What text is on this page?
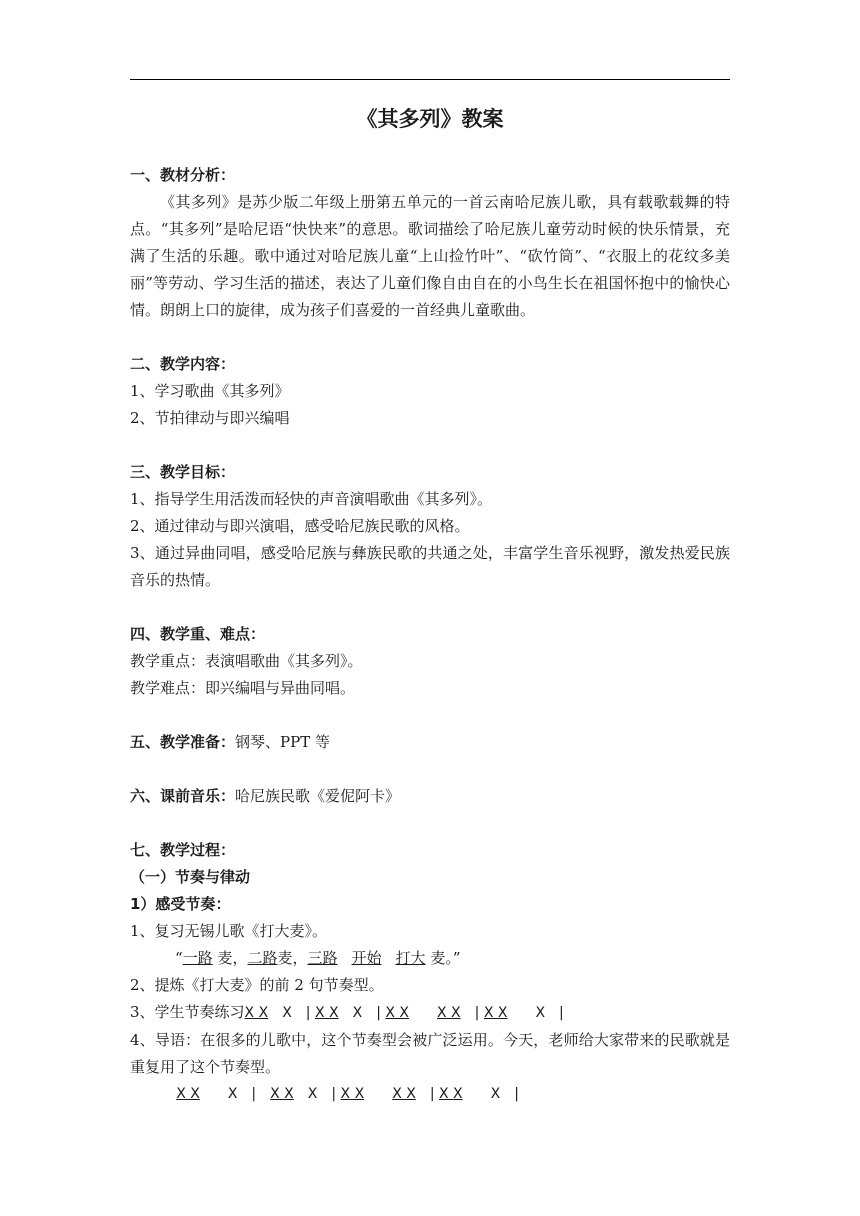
《其多列》教案
一、教材分析：
《其多列》是苏少版二年级上册第五单元的一首云南哈尼族儿歌，具有载歌载舞的特点。“其多列”是哈尼语“快快来”的意思。歌词描绘了哈尼族儿童劳动时候的快乐情景，充满了生活的乐趣。歌中通过对哈尼族儿童“上山捡竹叶”、“砍竹筒”、“衣服上的花纹多美丽”等劳动、学习生活的描述，表达了儿童们像自由自在的小鸟生长在祖国怀抱中的愉快心情。朗朗上口的旋律，成为孩子们喜爱的一首经典儿童歌曲。
二、教学内容：
1、学习歌曲《其多列》
2、节拍律动与即兴编唱
三、教学目标：
1、指导学生用活泼而轻快的声音演唱歌曲《其多列》。
2、通过律动与即兴演唱，感受哈尼族民歌的风格。
3、通过异曲同唱，感受哈尼族与彝族民歌的共通之处，丰富学生音乐视野，激发热爱民族音乐的热情。
四、教学重、难点：
教学重点：表演唱歌曲《其多列》。
教学难点：即兴编唱与异曲同唱。
五、教学准备：钢琴、PPT 等
六、课前音乐：哈尼族民歌《爱伲阿卡》
七、教学过程：
（一）节奏与律动
1）感受节奏：
1、复习无锡儿歌《打大麦》。
“一路 麦，二路麦，三路 开始 打大 麦。”
2、提炼《打大麦》的前 2 句节奏型。
3、学生节奏练习X X X | X X X | X X X X | X X X |
4、导语：在很多的儿歌中，这个节奏型会被广泛运用。今天，老师给大家带来的民歌就是重复用了这个节奏型。
X X X | X X X | X X X X | X X X |
